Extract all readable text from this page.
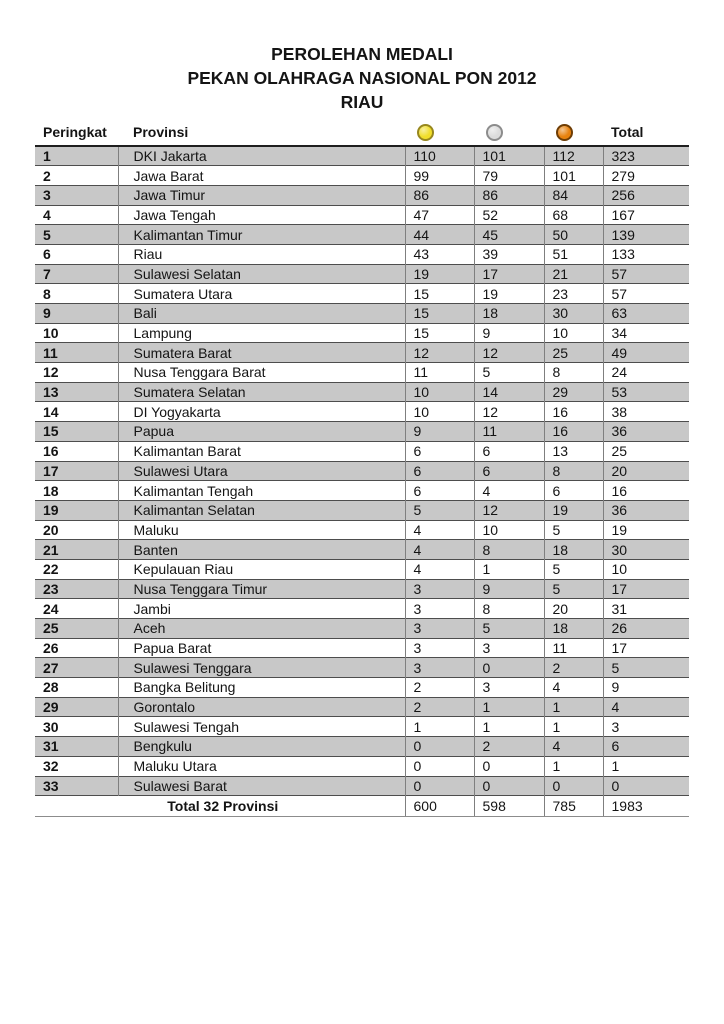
PEROLEHAN MEDALI
PEKAN OLAHRAGA NASIONAL PON 2012
RIAU
Peringkat	Provinsi				Total
1	DKI Jakarta	110	101	112	323
2	Jawa Barat	99	79	101	279
3	Jawa Timur	86	86	84	256
4	Jawa Tengah	47	52	68	167
5	Kalimantan Timur	44	45	50	139
6	Riau	43	39	51	133
7	Sulawesi Selatan	19	17	21	57
8	Sumatera Utara	15	19	23	57
9	Bali	15	18	30	63
10	Lampung	15	9	10	34
11	Sumatera Barat	12	12	25	49
12	Nusa Tenggara Barat	11	5	8	24
13	Sumatera Selatan	10	14	29	53
14	DI Yogyakarta	10	12	16	38
15	Papua	9	11	16	36
16	Kalimantan Barat	6	6	13	25
17	Sulawesi Utara	6	6	8	20
18	Kalimantan Tengah	6	4	6	16
19	Kalimantan Selatan	5	12	19	36
20	Maluku	4	10	5	19
21	Banten	4	8	18	30
22	Kepulauan Riau	4	1	5	10
23	Nusa Tenggara Timur	3	9	5	17
24	Jambi	3	8	20	31
25	Aceh	3	5	18	26
26	Papua Barat	3	3	11	17
27	Sulawesi Tenggara	3	0	2	5
28	Bangka Belitung	2	3	4	9
29	Gorontalo	2	1	1	4
30	Sulawesi Tengah	1	1	1	3
31	Bengkulu	0	2	4	6
32	Maluku Utara	0	0	1	1
33	Sulawesi Barat	0	0	0	0
Total 32 Provinsi		600	598	785	1983
